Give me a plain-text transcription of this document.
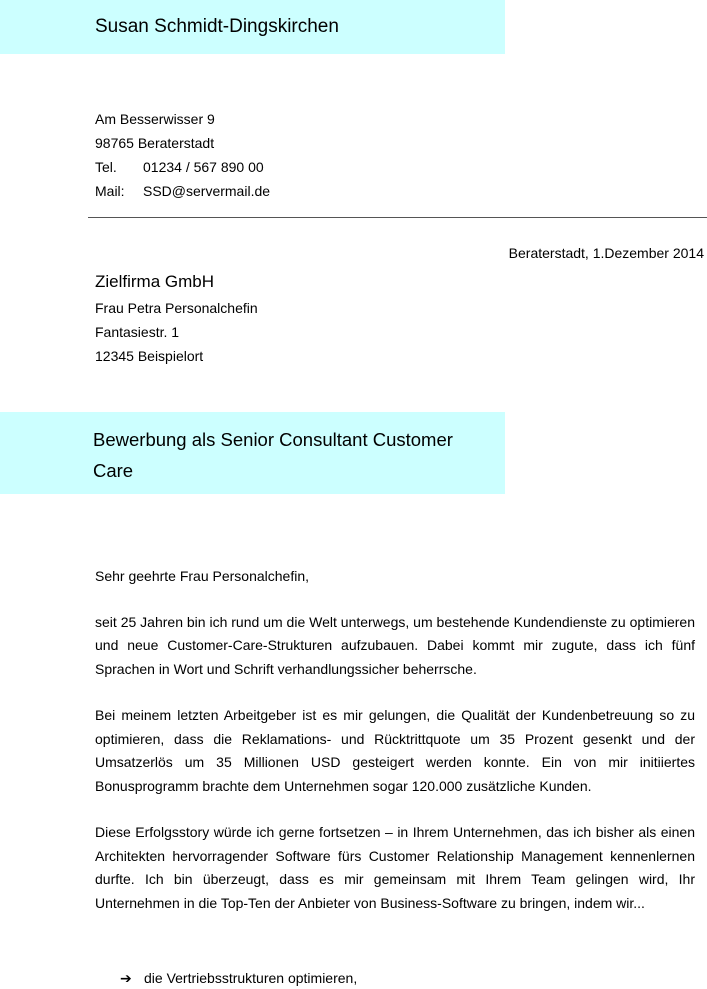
Susan Schmidt-Dingskirchen
Am Besserwisser 9
98765 Beraterstadt
Tel. 01234 / 567 890 00
Mail: SSD@servermail.de
Beraterstadt, 1.Dezember 2014
Zielfirma GmbH
Frau Petra Personalchefin
Fantasiestr. 1
12345 Beispielort
Bewerbung als Senior Consultant Customer Care

Sehr geehrte Frau Personalchefin,

seit 25 Jahren bin ich rund um die Welt unterwegs, um bestehende Kundendienste zu optimieren und neue Customer-Care-Strukturen aufzubauen. Dabei kommt mir zugute, dass ich fünf Sprachen in Wort und Schrift verhandlungssicher beherrsche.

Bei meinem letzten Arbeitgeber ist es mir gelungen, die Qualität der Kundenbetreuung so zu optimieren, dass die Reklamations- und Rücktrittquote um 35 Prozent gesenkt und der Umsatzerlös um 35 Millionen USD gesteigert werden konnte. Ein von mir initiiertes Bonusprogramm brachte dem Unternehmen sogar 120.000 zusätzliche Kunden.

Diese Erfolgsstory würde ich gerne fortsetzen – in Ihrem Unternehmen, das ich bisher als einen Architekten hervorragender Software fürs Customer Relationship Management kennenlernen durfte. Ich bin überzeugt, dass es mir gemeinsam mit Ihrem Team gelingen wird, Ihr Unternehmen in die Top-Ten der Anbieter von Business-Software zu bringen, indem wir...

➔ die Vertriebsstrukturen optimieren,
